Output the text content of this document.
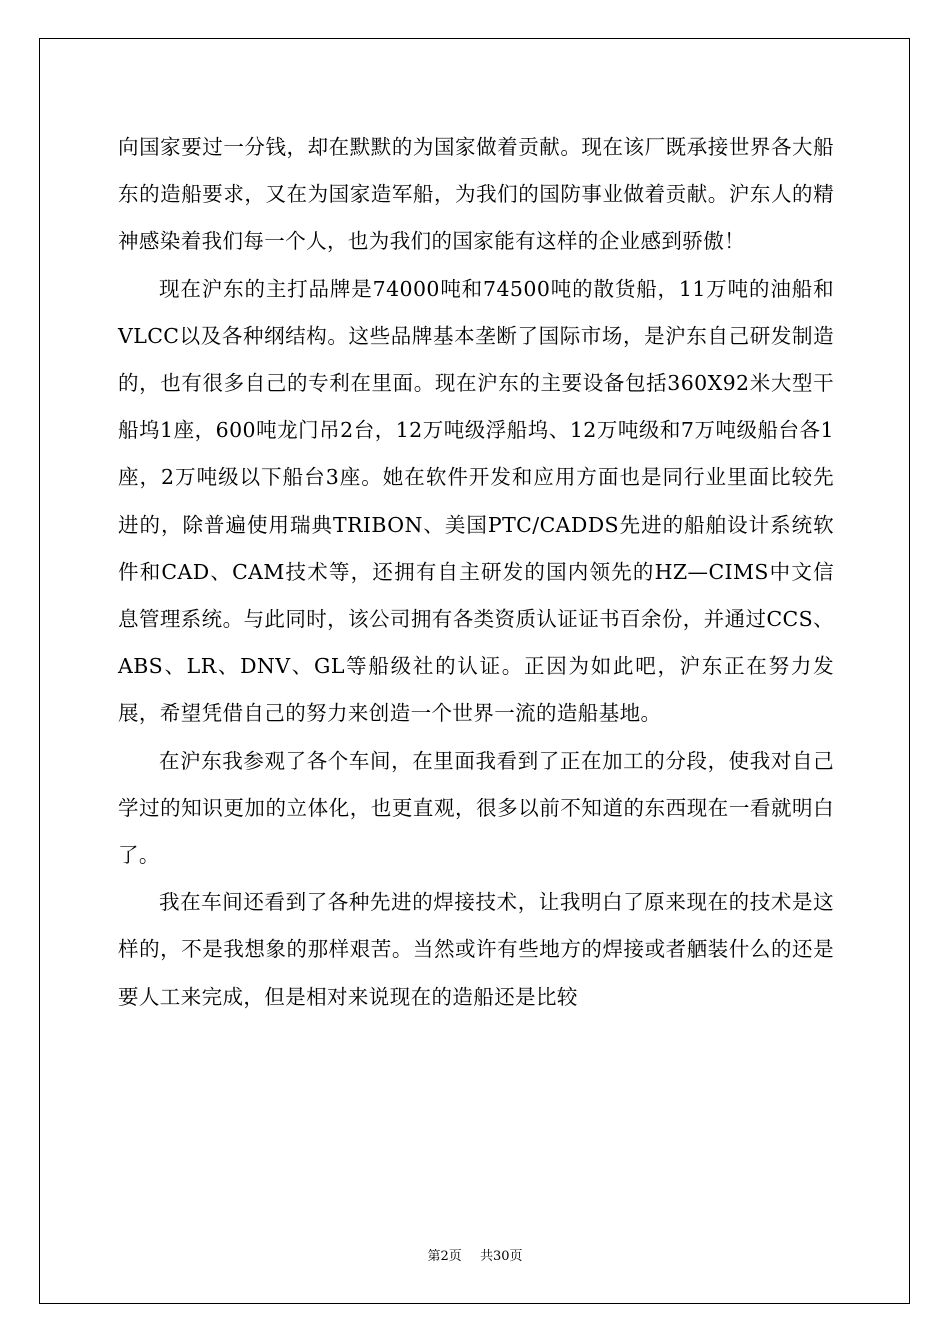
向国家要过一分钱，却在默默的为国家做着贡献。现在该厂既承接世界各大船东的造船要求，又在为国家造军船，为我们的国防事业做着贡献。沪东人的精神感染着我们每一个人，也为我们的国家能有这样的企业感到骄傲！

现在沪东的主打品牌是74000吨和74500吨的散货船，11万吨的油船和VLCC以及各种纲结构。这些品牌基本垄断了国际市场，是沪东自己研发制造的，也有很多自己的专利在里面。现在沪东的主要设备包括360X92米大型干船坞1座，600吨龙门吊2台，12万吨级浮船坞、12万吨级和7万吨级船台各1座，2万吨级以下船台3座。她在软件开发和应用方面也是同行业里面比较先进的，除普遍使用瑞典TRIBON、美国PTC/CADDS先进的船舶设计系统软件和CAD、CAM技术等，还拥有自主研发的国内领先的HZ—CIMS中文信息管理系统。与此同时，该公司拥有各类资质认证证书百余份，并通过CCS、ABS、LR、DNV、GL等船级社的认证。正因为如此吧，沪东正在努力发展，希望凭借自己的努力来创造一个世界一流的造船基地。

在沪东我参观了各个车间，在里面我看到了正在加工的分段，使我对自己学过的知识更加的立体化，也更直观，很多以前不知道的东西现在一看就明白了。

我在车间还看到了各种先进的焊接技术，让我明白了原来现在的技术是这样的，不是我想象的那样艰苦。当然或许有些地方的焊接或者舾装什么的还是要人工来完成，但是相对来说现在的造船还是比较

第2页 共30页
